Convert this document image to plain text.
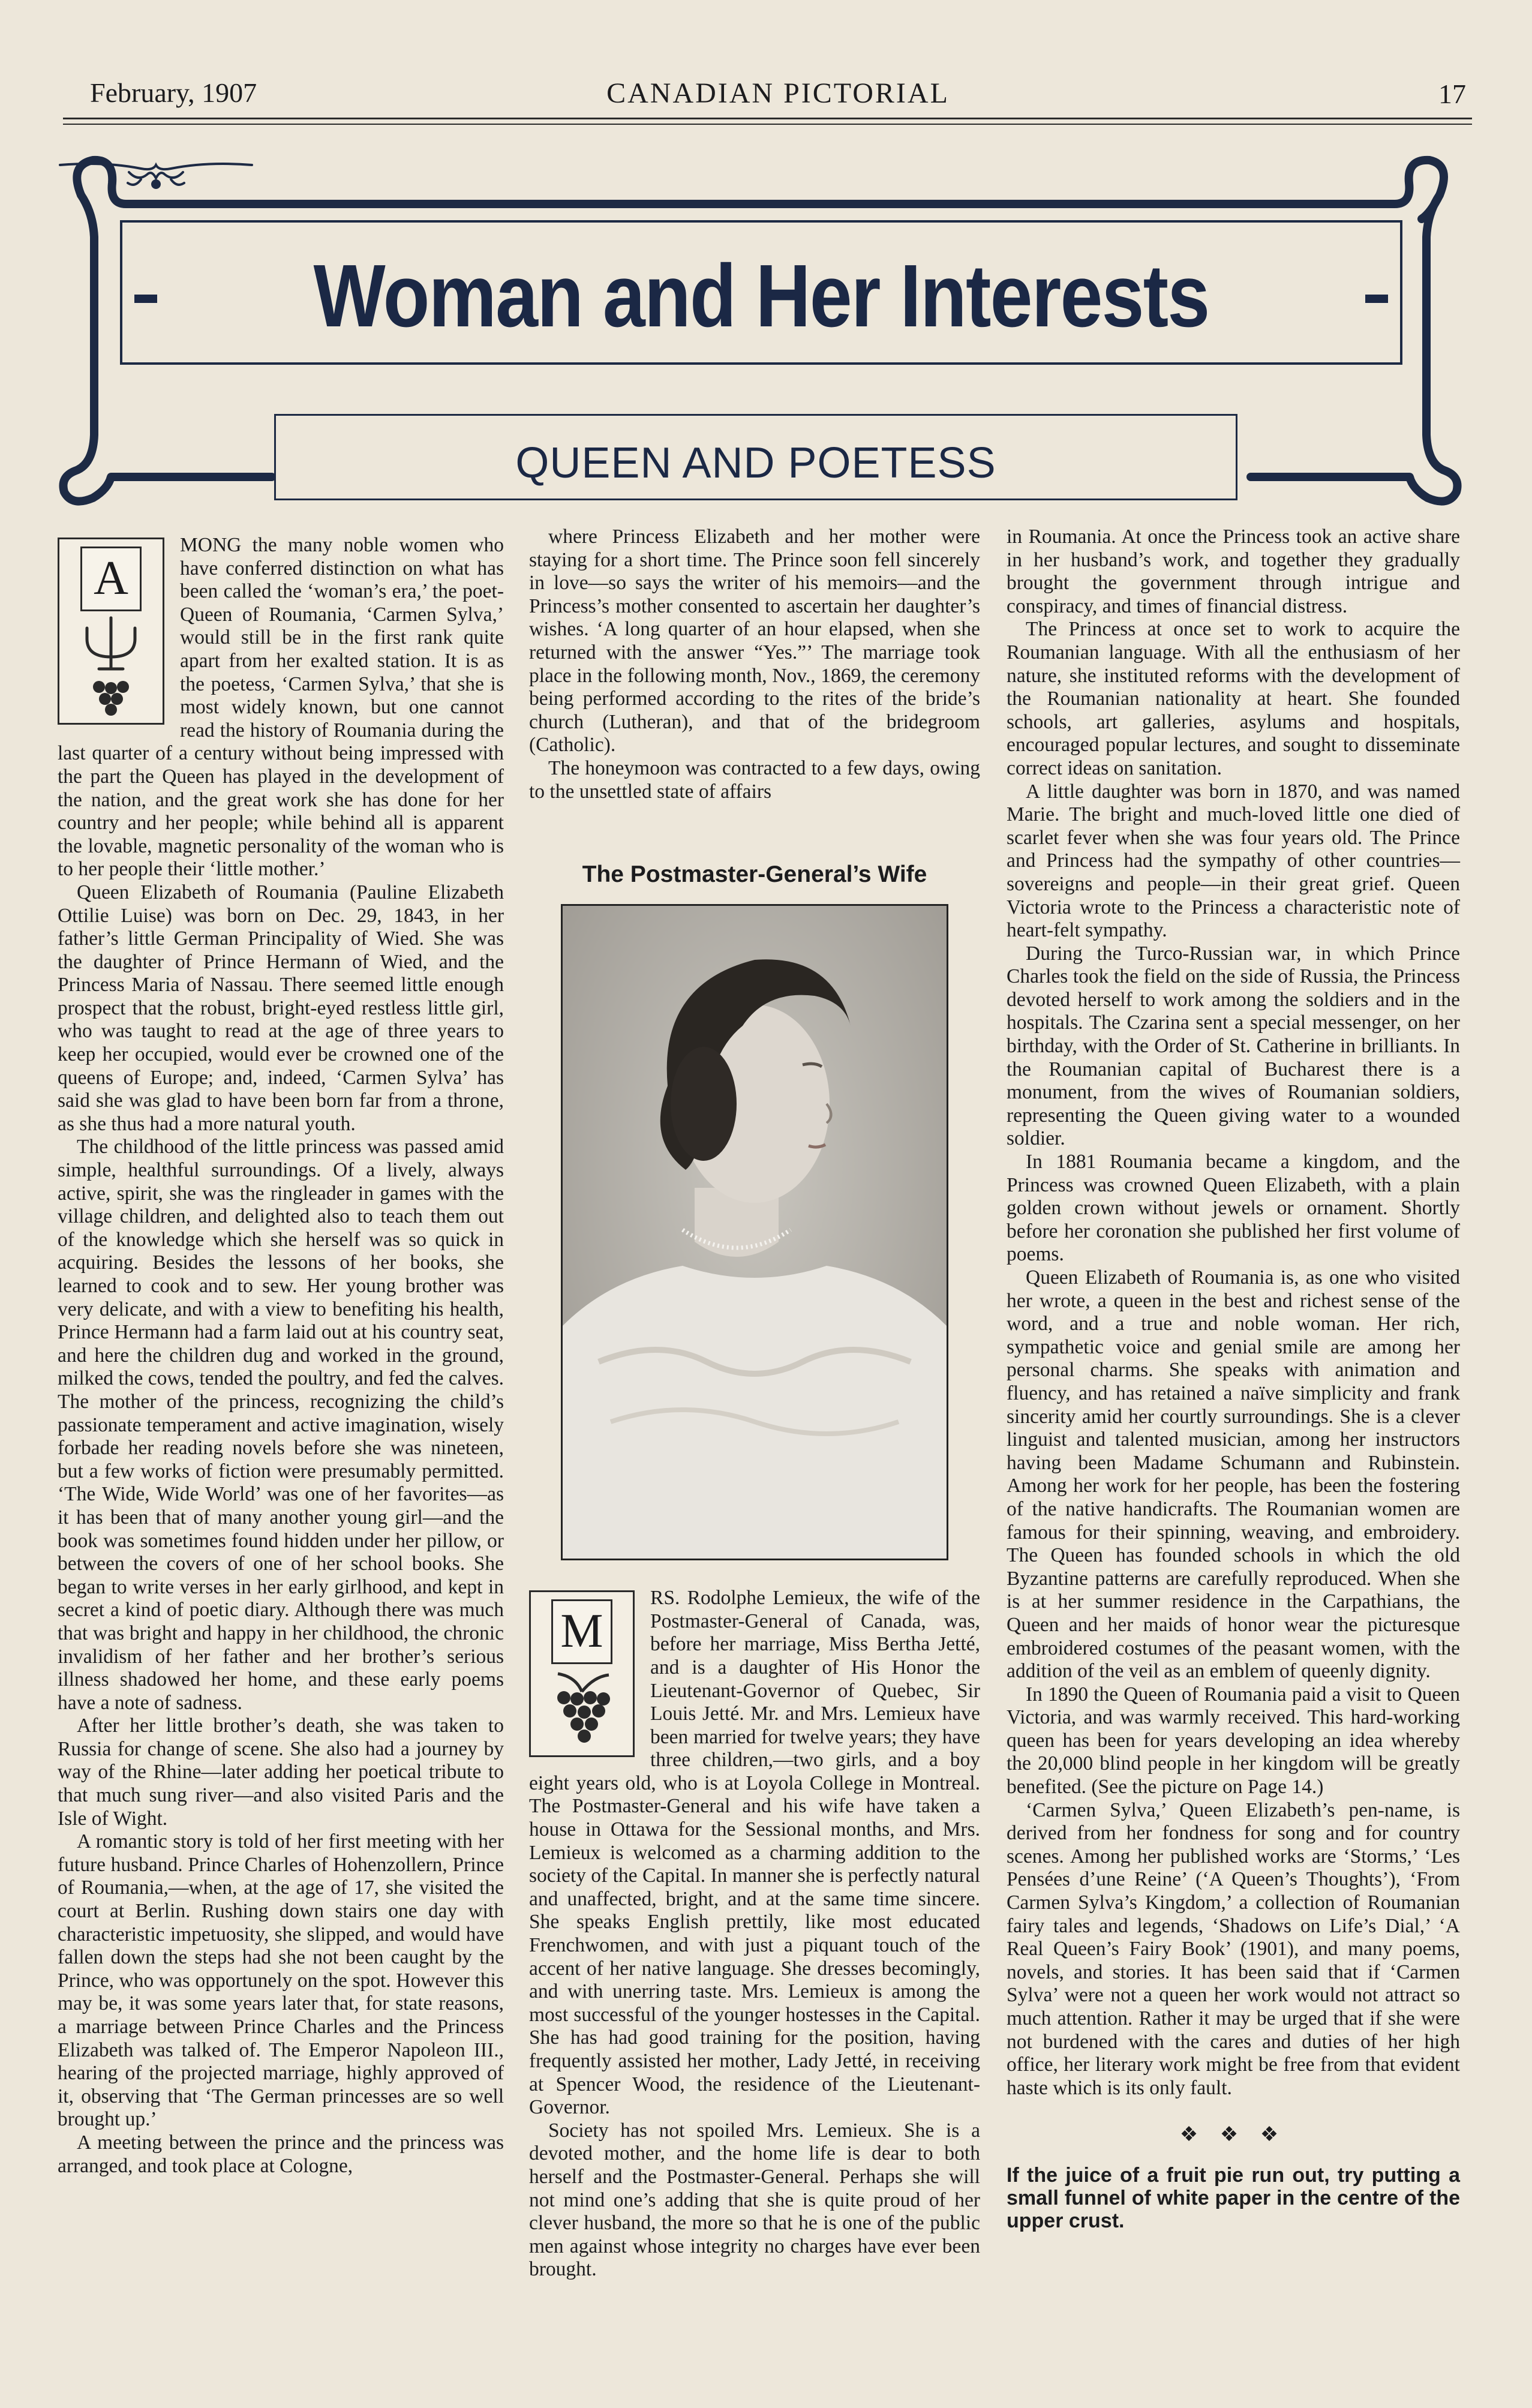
February, 1907	CANADIAN PICTORIAL	17
Woman and Her Interests
QUEEN AND POETESS
A

MONG the many noble women who have conferred distinction on what has been called the ‘woman’s era,’ the poet-Queen of Roumania, ‘Carmen Sylva,’ would still be in the first rank quite apart from her exalted station. It is as the poetess, ‘Carmen Sylva,’ that she is most widely known, but one cannot read the history of Roumania during the last quarter of a century without being impressed with the part the Queen has played in the development of the nation, and the great work she has done for her country and her people; while behind all is apparent the lovable, magnetic personality of the woman who is to her people their ‘little mother.’

Queen Elizabeth of Roumania (Pauline Elizabeth Ottilie Luise) was born on Dec. 29, 1843, in her father’s little German Principality of Wied. She was the daughter of Prince Hermann of Wied, and the Princess Maria of Nassau. There seemed little enough prospect that the robust, bright-eyed restless little girl, who was taught to read at the age of three years to keep her occupied, would ever be crowned one of the queens of Europe; and, indeed, ‘Carmen Sylva’ has said she was glad to have been born far from a throne, as she thus had a more natural youth.

The childhood of the little princess was passed amid simple, healthful surroundings. Of a lively, always active, spirit, she was the ringleader in games with the village children, and delighted also to teach them out of the knowledge which she herself was so quick in acquiring. Besides the lessons of her books, she learned to cook and to sew. Her young brother was very delicate, and with a view to benefiting his health, Prince Hermann had a farm laid out at his country seat, and here the children dug and worked in the ground, milked the cows, tended the poultry, and fed the calves. The mother of the princess, recognizing the child’s passionate temperament and active imagination, wisely forbade her reading novels before she was nineteen, but a few works of fiction were presumably permitted. ‘The Wide, Wide World’ was one of her favorites—as it has been that of many another young girl—and the book was sometimes found hidden under her pillow, or between the covers of one of her school books. She began to write verses in her early girlhood, and kept in secret a kind of poetic diary. Although there was much that was bright and happy in her childhood, the chronic invalidism of her father and her brother’s serious illness shadowed her home, and these early poems have a note of sadness.

After her little brother’s death, she was taken to Russia for change of scene. She also had a journey by way of the Rhine—later adding her poetical tribute to that much sung river—and also visited Paris and the Isle of Wight.

A romantic story is told of her first meeting with her future husband. Prince Charles of Hohenzollern, Prince of Roumania,—when, at the age of 17, she visited the court at Berlin. Rushing down stairs one day with characteristic impetuosity, she slipped, and would have fallen down the steps had she not been caught by the Prince, who was opportunely on the spot. However this may be, it was some years later that, for state reasons, a marriage between Prince Charles and the Princess Elizabeth was talked of. The Emperor Napoleon III., hearing of the projected marriage, highly approved of it, observing that ‘The German princesses are so well brought up.’

A meeting between the prince and the princess was arranged, and took place at Cologne,

where Princess Elizabeth and her mother were staying for a short time. The Prince soon fell sincerely in love—so says the writer of his memoirs—and the Princess’s mother consented to ascertain her daughter’s wishes. ‘A long quarter of an hour elapsed, when she returned with the answer “Yes.”’ The marriage took place in the following month, Nov., 1869, the ceremony being performed according to the rites of the bride’s church (Lutheran), and that of the bridegroom (Catholic).

The honeymoon was contracted to a few days, owing to the unsettled state of affairs

The Postmaster-General’s Wife
M

RS. Rodolphe Lemieux, the wife of the Postmaster-General of Canada, was, before her marriage, Miss Bertha Jetté, and is a daughter of His Honor the Lieutenant-Governor of Quebec, Sir Louis Jetté. Mr. and Mrs. Lemieux have been married for twelve years; they have three children,—two girls, and a boy eight years old, who is at Loyola College in Montreal. The Postmaster-General and his wife have taken a house in Ottawa for the Sessional months, and Mrs. Lemieux is welcomed as a charming addition to the society of the Capital. In manner she is perfectly natural and unaffected, bright, and at the same time sincere. She speaks English prettily, like most educated Frenchwomen, and with just a piquant touch of the accent of her native language. She dresses becomingly, and with unerring taste. Mrs. Lemieux is among the most successful of the younger hostesses in the Capital. She has had good training for the position, having frequently assisted her mother, Lady Jetté, in receiving at Spencer Wood, the residence of the Lieutenant-Governor.

Society has not spoiled Mrs. Lemieux. She is a devoted mother, and the home life is dear to both herself and the Postmaster-General. Perhaps she will not mind one’s adding that she is quite proud of her clever husband, the more so that he is one of the public men against whose integrity no charges have ever been brought.

in Roumania. At once the Princess took an active share in her husband’s work, and together they gradually brought the government through intrigue and conspiracy, and times of financial distress.

The Princess at once set to work to acquire the Roumanian language. With all the enthusiasm of her nature, she instituted reforms with the development of the Roumanian nationality at heart. She founded schools, art galleries, asylums and hospitals, encouraged popular lectures, and sought to disseminate correct ideas on sanitation.

A little daughter was born in 1870, and was named Marie. The bright and much-loved little one died of scarlet fever when she was four years old. The Prince and Princess had the sympathy of other countries—sovereigns and people—in their great grief. Queen Victoria wrote to the Princess a characteristic note of heart-felt sympathy.

During the Turco-Russian war, in which Prince Charles took the field on the side of Russia, the Princess devoted herself to work among the soldiers and in the hospitals. The Czarina sent a special messenger, on her birthday, with the Order of St. Catherine in brilliants. In the Roumanian capital of Bucharest there is a monument, from the wives of Roumanian soldiers, representing the Queen giving water to a wounded soldier.

In 1881 Roumania became a kingdom, and the Princess was crowned Queen Elizabeth, with a plain golden crown without jewels or ornament. Shortly before her coronation she published her first volume of poems.

Queen Elizabeth of Roumania is, as one who visited her wrote, a queen in the best and richest sense of the word, and a true and noble woman. Her rich, sympathetic voice and genial smile are among her personal charms. She speaks with animation and fluency, and has retained a naïve simplicity and frank sincerity amid her courtly surroundings. She is a clever linguist and talented musician, among her instructors having been Madame Schumann and Rubinstein. Among her work for her people, has been the fostering of the native handicrafts. The Roumanian women are famous for their spinning, weaving, and embroidery. The Queen has founded schools in which the old Byzantine patterns are carefully reproduced. When she is at her summer residence in the Carpathians, the Queen and her maids of honor wear the picturesque embroidered costumes of the peasant women, with the addition of the veil as an emblem of queenly dignity.

In 1890 the Queen of Roumania paid a visit to Queen Victoria, and was warmly received. This hard-working queen has been for years developing an idea whereby the 20,000 blind people in her kingdom will be greatly benefited. (See the picture on Page 14.)

‘Carmen Sylva,’ Queen Elizabeth’s pen-name, is derived from her fondness for song and for country scenes. Among her published works are ‘Storms,’ ‘Les Pensées d’une Reine’ (‘A Queen’s Thoughts’), ‘From Carmen Sylva’s Kingdom,’ a collection of Roumanian fairy tales and legends, ‘Shadows on Life’s Dial,’ ‘A Real Queen’s Fairy Book’ (1901), and many poems, novels, and stories. It has been said that if ‘Carmen Sylva’ were not a queen her work would not attract so much attention. Rather it may be urged that if she were not burdened with the cares and duties of her high office, her literary work might be free from that evident haste which is its only fault.

❖ ❖ ❖
If the juice of a fruit pie run out, try putting a small funnel of white paper in the centre of the upper crust.
